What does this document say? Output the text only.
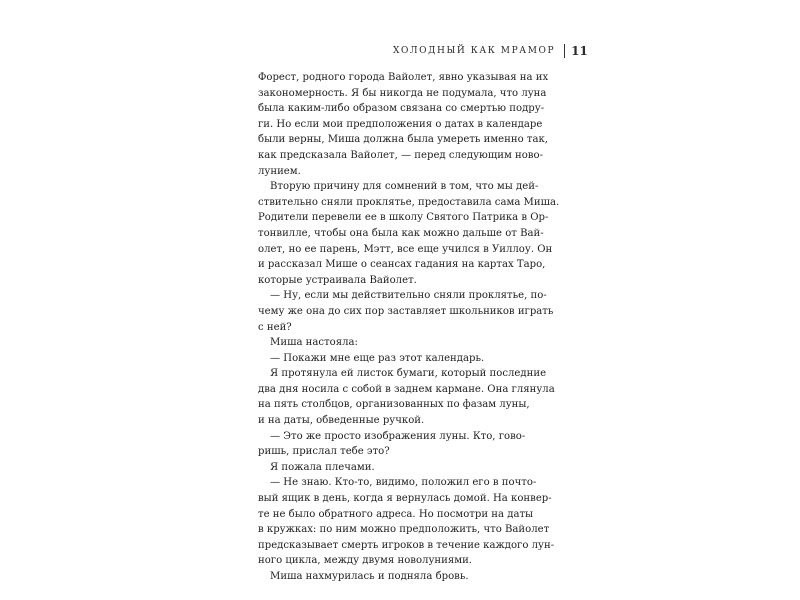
ХОЛОДНЫЙ КАК МРАМОР 11
Форест, родного города Вайолет, явно указывая на их
закономерность. Я бы никогда не подумала, что луна
была каким-либо образом связана со смертью подру-
ги. Но если мои предположения о датах в календаре
были верны, Миша должна была умереть именно так,
как предсказала Вайолет, — перед следующим ново-
лунием.
Вторую причину для сомнений в том, что мы дей-
ствительно сняли проклятье, предоставила сама Миша.
Родители перевели ее в школу Святого Патрика в Ор-
тонвилле, чтобы она была как можно дальше от Вай-
олет, но ее парень, Мэтт, все еще учился в Уиллоу. Он
и рассказал Мише о сеансах гадания на картах Таро,
которые устраивала Вайолет.
— Ну, если мы действительно сняли проклятье, по-
чему же она до сих пор заставляет школьников играть
с ней?
Миша настояла:
— Покажи мне еще раз этот календарь.
Я протянула ей листок бумаги, который последние
два дня носила с собой в заднем кармане. Она глянула
на пять столбцов, организованных по фазам луны,
и на даты, обведенные ручкой.
— Это же просто изображения луны. Кто, гово-
ришь, прислал тебе это?
Я пожала плечами.
— Не знаю. Кто-то, видимо, положил его в почто-
вый ящик в день, когда я вернулась домой. На конвер-
те не было обратного адреса. Но посмотри на даты
в кружках: по ним можно предположить, что Вайолет
предсказывает смерть игроков в течение каждого лун-
ного цикла, между двумя новолуниями.
Миша нахмурилась и подняла бровь.
